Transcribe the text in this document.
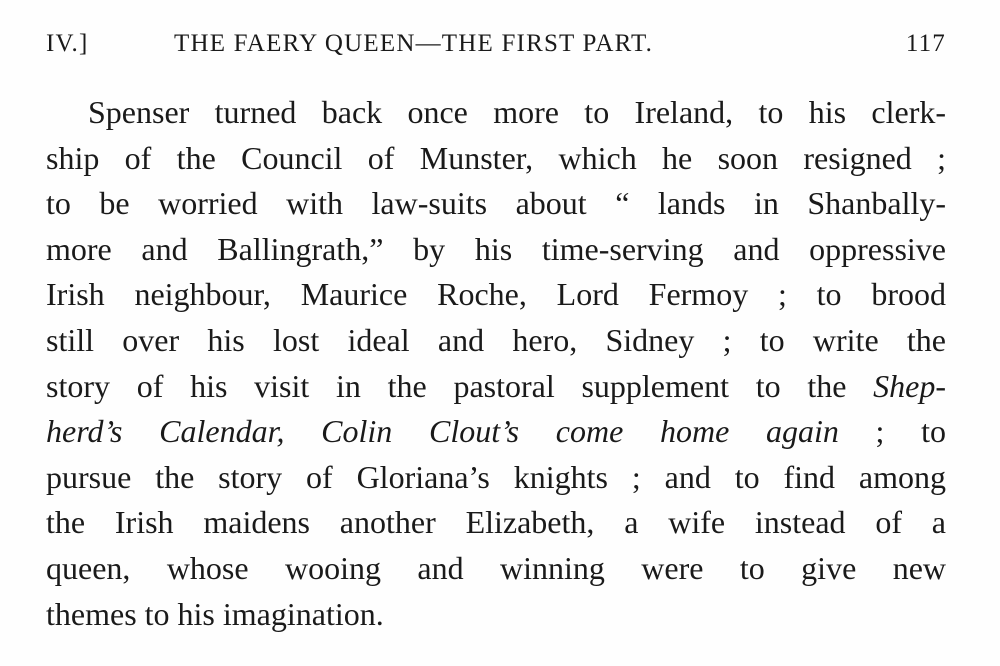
IV.]	THE FAERY QUEEN—THE FIRST PART.	117
Spenser turned back once more to Ireland, to his clerk-
ship of the Council of Munster, which he soon resigned ;
to be worried with law-suits about “ lands in Shanbally-
more and Ballingrath,” by his time-serving and oppressive
Irish neighbour, Maurice Roche, Lord Fermoy ; to brood
still over his lost ideal and hero, Sidney ; to write the
story of his visit in the pastoral supplement to the Shep-
herd’s Calendar, Colin Clout’s come home again ; to
pursue the story of Gloriana’s knights ; and to find among
the Irish maidens another Elizabeth, a wife instead of a
queen, whose wooing and winning were to give new
themes to his imagination.
